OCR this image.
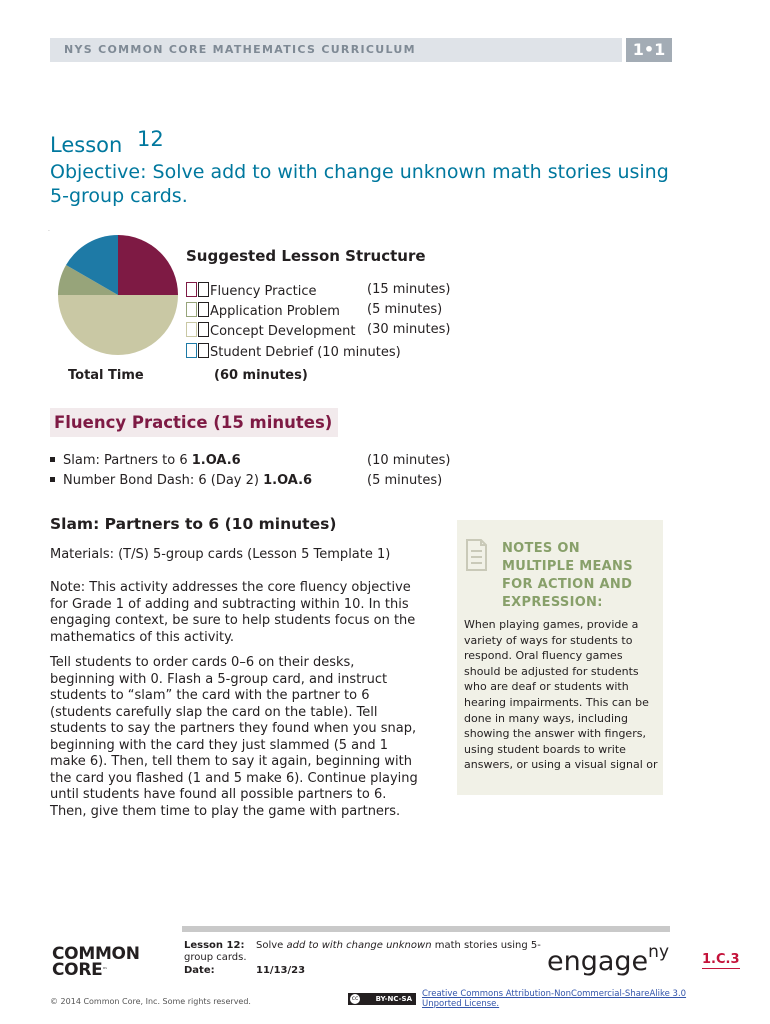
NYS COMMON CORE MATHEMATICS CURRICULUM	1•1
Lesson 12
Objective: Solve add to with change unknown math stories using 5-group cards.
.
Suggested Lesson Structure
Fluency Practice	(15 minutes)
Application Problem (5 minutes)
Concept Development (30 minutes)
Student Debrief (10 minutes)
Total Time	(60 minutes)
Fluency Practice (15 minutes)
Slam: Partners to 6 1.OA.6	(10 minutes)
Number Bond Dash: 6 (Day 2) 1.OA.6	(5 minutes)
Slam: Partners to 6 (10 minutes)
Materials: (T/S) 5-group cards (Lesson 5 Template 1)
Note: This activity addresses the core fluency objective for Grade 1 of adding and subtracting within 10. In this engaging context, be sure to help students focus on the mathematics of this activity.
Tell students to order cards 0–6 on their desks, beginning with 0. Flash a 5-group card, and instruct students to “slam” the card with the partner to 6 (students carefully slap the card on the table). Tell students to say the partners they found when you snap, beginning with the card they just slammed (5 and 1 make 6). Then, tell them to say it again, beginning with the card you flashed (1 and 5 make 6). Continue playing until students have found all possible partners to 6. Then, give them time to play the game with partners.
NOTES ON MULTIPLE MEANS FOR ACTION AND EXPRESSION:
When playing games, provide a variety of ways for students to respond. Oral fluency games should be adjusted for students who are deaf or students with hearing impairments. This can be done in many ways, including showing the answer with fingers, using student boards to write answers, or using a visual signal or
COMMON
CORE™
Lesson 12: Solve add to with change unknown math stories using 5-
group cards.
Date:	11/13/23	engage$^{ny}$	1.C.3
© 2014 Common Core, Inc. Some rights reserved.	BY-NC-SA
cc	Creative Commons Attribution-NonCommercial-ShareAlike 3.0 Unported License.
